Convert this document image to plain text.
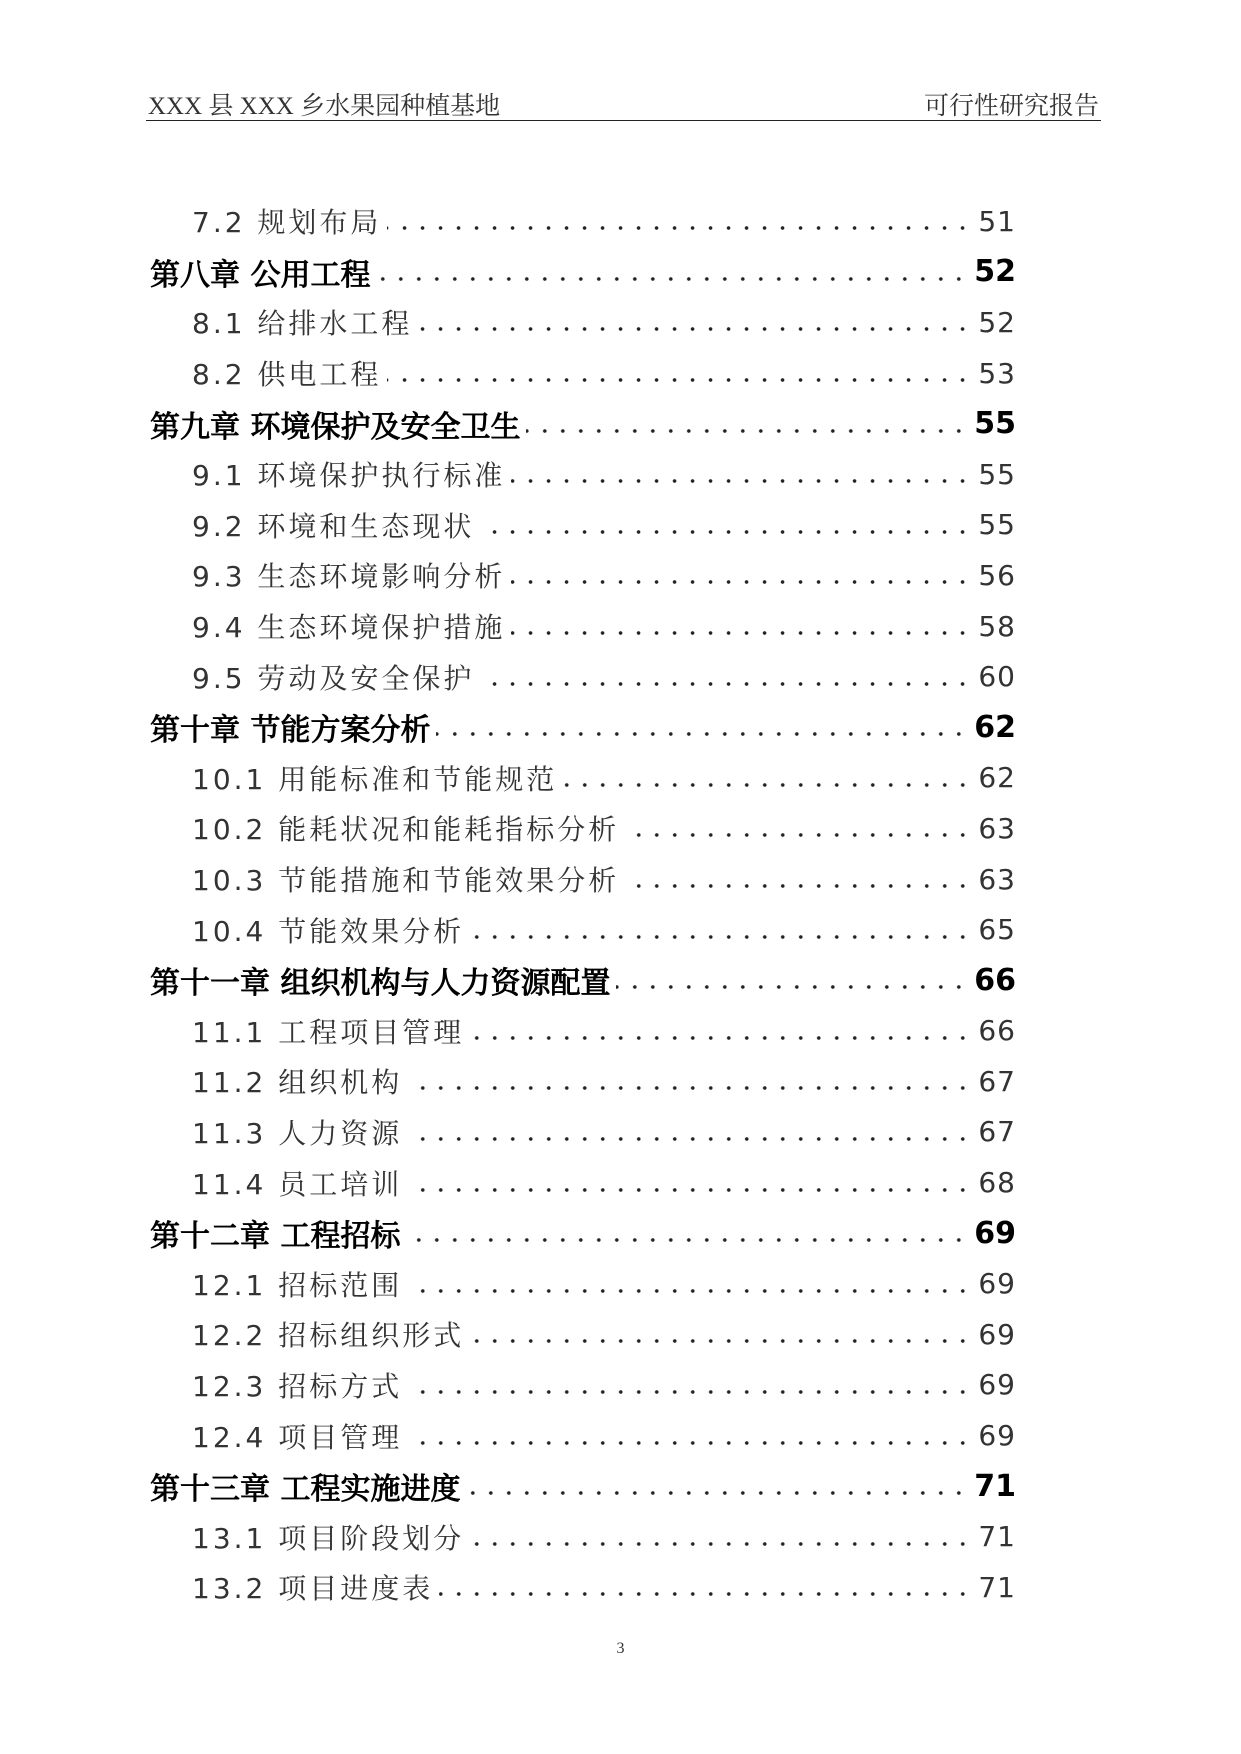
XXX 县 XXX 乡水果园种植基地	可行性研究报告
7.2 规划布局	51
第八章 公用工程	52
8.1 给排水工程	52
8.2 供电工程	53
第九章 环境保护及安全卫生	55
9.1 环境保护执行标准	55
9.2 环境和生态现状	55
9.3 生态环境影响分析	56
9.4 生态环境保护措施	58
9.5 劳动及安全保护	60
第十章 节能方案分析	62
10.1 用能标准和节能规范	62
10.2 能耗状况和能耗指标分析	63
10.3 节能措施和节能效果分析	63
10.4 节能效果分析	65
第十一章 组织机构与人力资源配置	66
11.1 工程项目管理	66
11.2 组织机构	67
11.3 人力资源	67
11.4 员工培训	68
第十二章 工程招标	69
12.1 招标范围	69
12.2 招标组织形式	69
12.3 招标方式	69
12.4 项目管理	69
第十三章 工程实施进度	71
13.1 项目阶段划分	71
13.2 项目进度表	71
3
